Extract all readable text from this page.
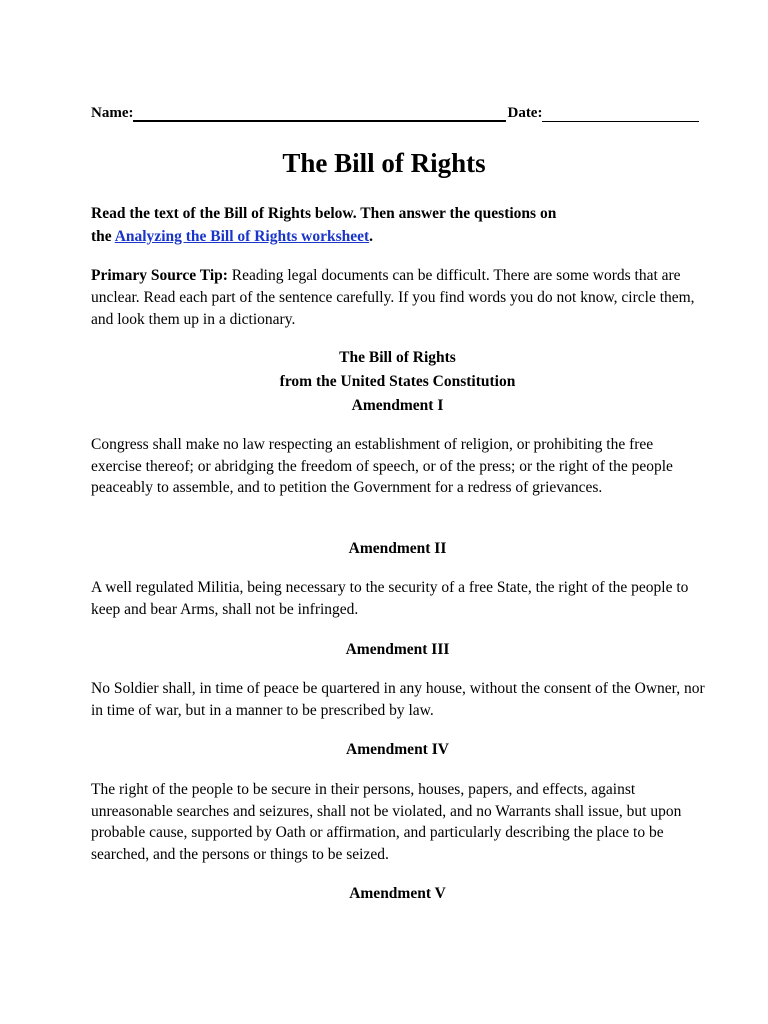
Name:	Date:
The Bill of Rights
Read the text of the Bill of Rights below. Then answer the questions on
the Analyzing the Bill of Rights worksheet.
Primary Source Tip: Reading legal documents can be difficult. There are some words that are unclear. Read each part of the sentence carefully. If you find words you do not know, circle them, and look them up in a dictionary.
The Bill of Rights
from the United States Constitution
Amendment I
Congress shall make no law respecting an establishment of religion, or prohibiting the free exercise thereof; or abridging the freedom of speech, or of the press; or the right of the people peaceably to assemble, and to petition the Government for a redress of grievances.
Amendment II
A well regulated Militia, being necessary to the security of a free State, the right of the people to keep and bear Arms, shall not be infringed.
Amendment III
No Soldier shall, in time of peace be quartered in any house, without the consent of the Owner, nor in time of war, but in a manner to be prescribed by law.
Amendment IV
The right of the people to be secure in their persons, houses, papers, and effects, against unreasonable searches and seizures, shall not be violated, and no Warrants shall issue, but upon probable cause, supported by Oath or affirmation, and particularly describing the place to be searched, and the persons or things to be seized.
Amendment V
